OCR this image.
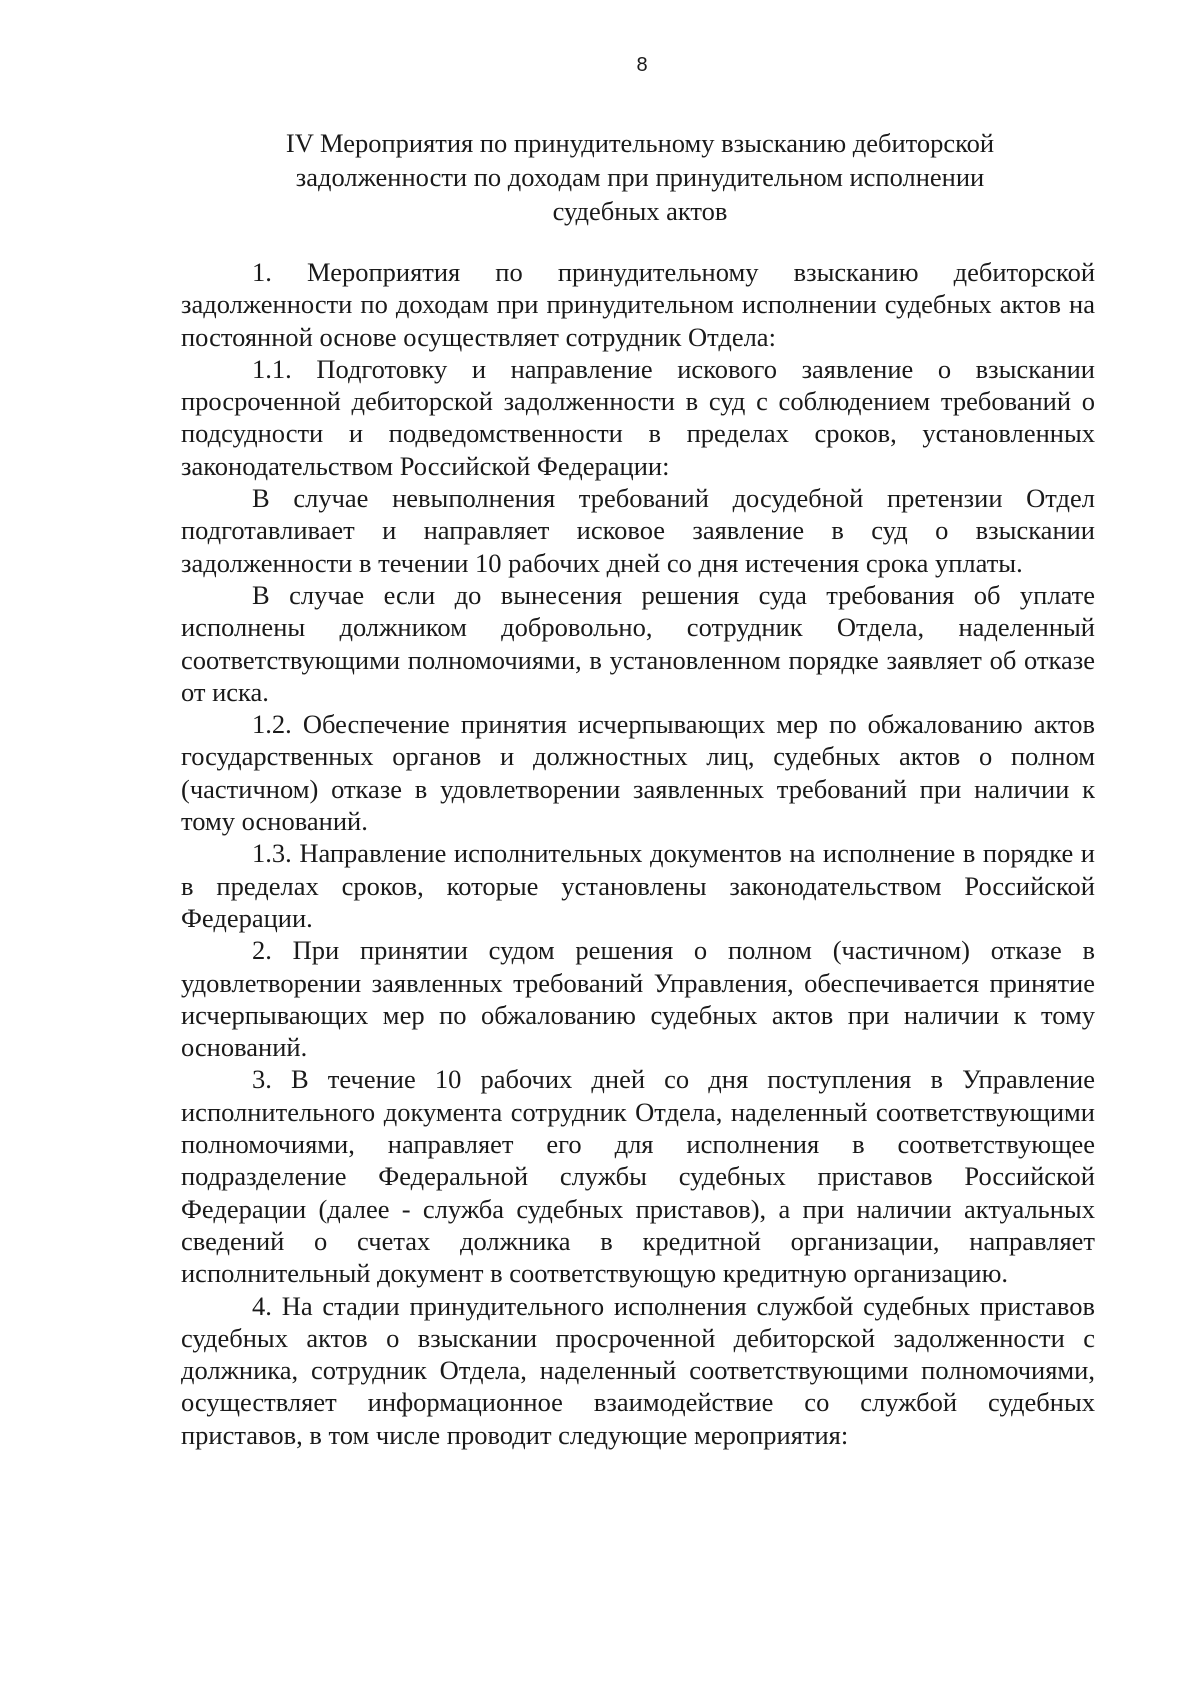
8
IV Мероприятия по принудительному взысканию дебиторской задолженности по доходам при принудительном исполнении судебных актов

1. Мероприятия по принудительному взысканию дебиторской задолженности по доходам при принудительном исполнении судебных актов на постоянной основе осуществляет сотрудник Отдела:

1.1. Подготовку и направление искового заявление о взыскании просроченной дебиторской задолженности в суд с соблюдением требований о подсудности и подведомственности в пределах сроков, установленных законодательством Российской Федерации:

В случае невыполнения требований досудебной претензии Отдел подготавливает и направляет исковое заявление в суд о взыскании задолженности в течении 10 рабочих дней со дня истечения срока уплаты.

В случае если до вынесения решения суда требования об уплате исполнены должником добровольно, сотрудник Отдела, наделенный соответствующими полномочиями, в установленном порядке заявляет об отказе от иска.

1.2. Обеспечение принятия исчерпывающих мер по обжалованию актов государственных органов и должностных лиц, судебных актов о полном (частичном) отказе в удовлетворении заявленных требований при наличии к тому оснований.

1.3. Направление исполнительных документов на исполнение в порядке и в пределах сроков, которые установлены законодательством Российской Федерации.

2. При принятии судом решения о полном (частичном) отказе в удовлетворении заявленных требований Управления, обеспечивается принятие исчерпывающих мер по обжалованию судебных актов при наличии к тому оснований.

3. В течение 10 рабочих дней со дня поступления в Управление исполнительного документа сотрудник Отдела, наделенный соответствующими полномочиями, направляет его для исполнения в соответствующее подразделение Федеральной службы судебных приставов Российской Федерации (далее - служба судебных приставов), а при наличии актуальных сведений о счетах должника в кредитной организации, направляет исполнительный документ в соответствующую кредитную организацию.

4. На стадии принудительного исполнения службой судебных приставов судебных актов о взыскании просроченной дебиторской задолженности с должника, сотрудник Отдела, наделенный соответствующими полномочиями, осуществляет информационное взаимодействие со службой судебных приставов, в том числе проводит следующие мероприятия:
